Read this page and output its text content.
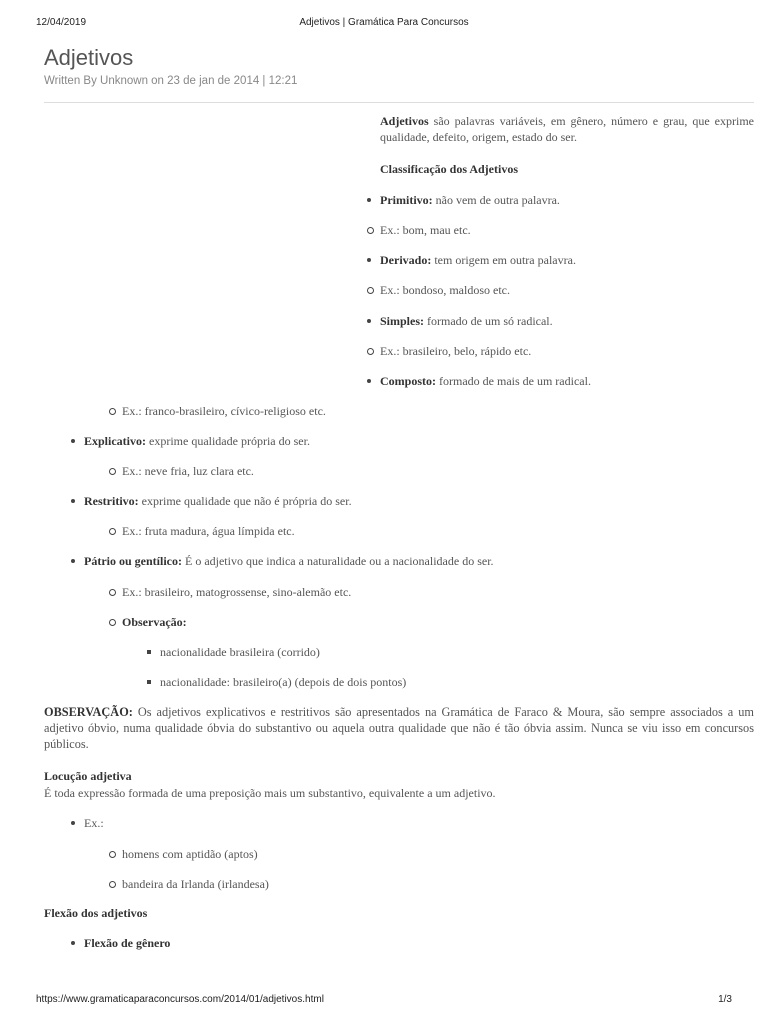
12/04/2019	Adjetivos | Gramática Para Concursos
Adjetivos
Written By Unknown on 23 de jan de 2014 | 12:21

Adjetivos são palavras variáveis, em gênero, número e grau, que exprime qualidade, defeito, origem, estado do ser.

Classificação dos Adjetivos

Primitivo: não vem de outra palavra.
Ex.: bom, mau etc.
Derivado: tem origem em outra palavra.
Ex.: bondoso, maldoso etc.
Simples: formado de um só radical.
Ex.: brasileiro, belo, rápido etc.
Composto: formado de mais de um radical.
Ex.: franco-brasileiro, cívico-religioso etc.
Explicativo: exprime qualidade própria do ser.
Ex.: neve fria, luz clara etc.
Restritivo: exprime qualidade que não é própria do ser.
Ex.: fruta madura, água límpida etc.
Pátrio ou gentílico: É o adjetivo que indica a naturalidade ou a nacionalidade do ser.
Ex.: brasileiro, matogrossense, sino-alemão etc.
Observação:
nacionalidade brasileira (corrido)
nacionalidade: brasileiro(a) (depois de dois pontos)

OBSERVAÇÃO: Os adjetivos explicativos e restritivos são apresentados na Gramática de Faraco & Moura, são sempre associados a um adjetivo óbvio, numa qualidade óbvia do substantivo ou aquela outra qualidade que não é tão óbvia assim. Nunca se viu isso em concursos públicos.

Locução adjetiva

É toda expressão formada de uma preposição mais um substantivo, equivalente a um adjetivo.

Ex.:
homens com aptidão (aptos)
bandeira da Irlanda (irlandesa)

Flexão dos adjetivos

Flexão de gênero
https://www.gramaticaparaconcursos.com/2014/01/adjetivos.html	1/3
